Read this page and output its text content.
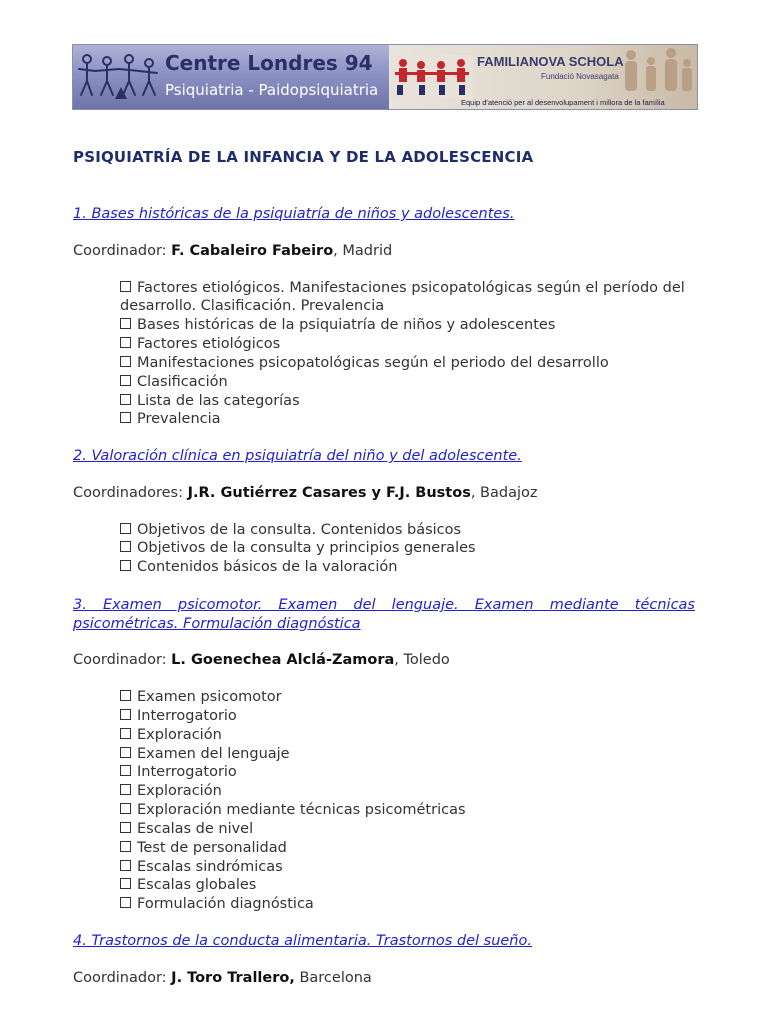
Centre Londres 94
Psiquiatria - Paidopsiquiatria
FAMILIANOVA SCHOLA
Fundació Novasagata
Equip d'atenció per al desenvolupament i millora de la família
PSIQUIATRÍA DE LA INFANCIA Y DE LA ADOLESCENCIA
1. Bases históricas de la psiquiatría de niños y adolescentes.
Coordinador: F. Cabaleiro Fabeiro, Madrid
Factores etiológicos. Manifestaciones psicopatológicas según el período del desarrollo. Clasificación. Prevalencia
Bases históricas de la psiquiatría de niños y adolescentes
Factores etiológicos
Manifestaciones psicopatológicas según el periodo del desarrollo
Clasificación
Lista de las categorías
Prevalencia
2. Valoración clínica en psiquiatría del niño y del adolescente.
Coordinadores: J.R. Gutiérrez Casares y F.J. Bustos, Badajoz
Objetivos de la consulta. Contenidos básicos
Objetivos de la consulta y principios generales
Contenidos básicos de la valoración
3. Examen psicomotor. Examen del lenguaje. Examen mediante técnicas psicométricas. Formulación diagnóstica
Coordinador: L. Goenechea Alclá-Zamora, Toledo
Examen psicomotor
Interrogatorio
Exploración
Examen del lenguaje
Interrogatorio
Exploración
Exploración mediante técnicas psicométricas
Escalas de nivel
Test de personalidad
Escalas sindrómicas
Escalas globales
Formulación diagnóstica
4. Trastornos de la conducta alimentaria. Trastornos del sueño.
Coordinador: J. Toro Trallero, Barcelona
